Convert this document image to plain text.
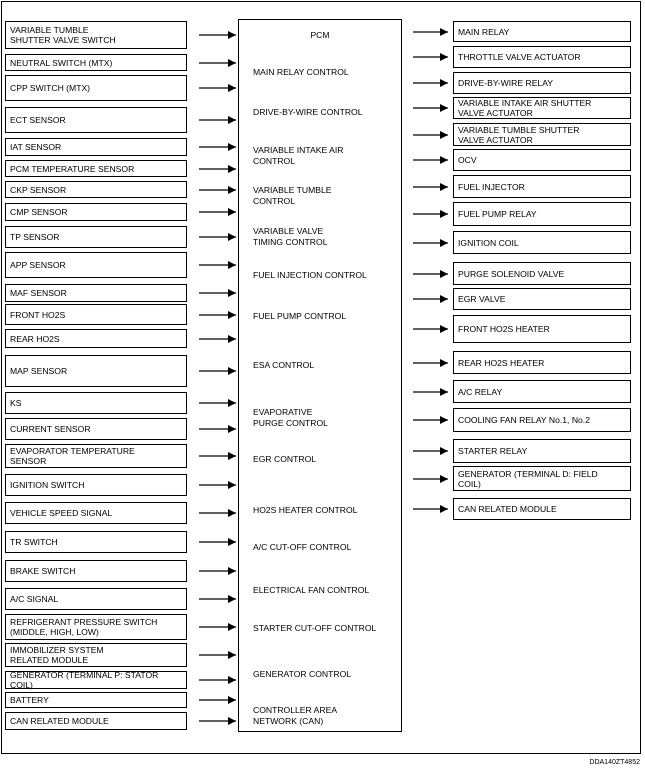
VARIABLE TUMBLE
SHUTTER VALVE SWITCH
NEUTRAL SWITCH (MTX)
CPP SWITCH (MTX)
ECT SENSOR
IAT SENSOR
PCM TEMPERATURE SENSOR
CKP SENSOR
CMP SENSOR
TP SENSOR
APP SENSOR
MAF SENSOR
FRONT HO2S
REAR HO2S
MAP SENSOR
KS
CURRENT SENSOR
EVAPORATOR TEMPERATURE
SENSOR
IGNITION SWITCH
VEHICLE SPEED SIGNAL
TR SWITCH
BRAKE SWITCH
A/C SIGNAL
REFRIGERANT PRESSURE SWITCH
(MIDDLE, HIGH, LOW)
IMMOBILIZER SYSTEM
RELATED MODULE
GENERATOR (TERMINAL P: STATOR COIL)
BATTERY
CAN RELATED MODULE
PCM
MAIN RELAY CONTROL
DRIVE-BY-WIRE CONTROL
VARIABLE INTAKE AIR
CONTROL
VARIABLE TUMBLE
CONTROL
VARIABLE VALVE
TIMING CONTROL
FUEL INJECTION CONTROL
FUEL PUMP CONTROL
ESA CONTROL
EVAPORATIVE
PURGE CONTROL
EGR CONTROL
HO2S HEATER CONTROL
A/C CUT-OFF CONTROL
ELECTRICAL FAN CONTROL
STARTER CUT-OFF CONTROL
GENERATOR CONTROL
CONTROLLER AREA
NETWORK (CAN)
MAIN RELAY
THROTTLE VALVE ACTUATOR
DRIVE-BY-WIRE RELAY
VARIABLE INTAKE AIR SHUTTER
VALVE ACTUATOR
VARIABLE TUMBLE SHUTTER
VALVE ACTUATOR
OCV
FUEL INJECTOR
FUEL PUMP RELAY
IGNITION COIL
PURGE SOLENOID VALVE
EGR VALVE
FRONT HO2S HEATER
REAR HO2S HEATER
A/C RELAY
COOLING FAN RELAY No.1, No.2
STARTER RELAY
GENERATOR (TERMINAL D: FIELD
COIL)
CAN RELATED MODULE
DDA140ZT4852
